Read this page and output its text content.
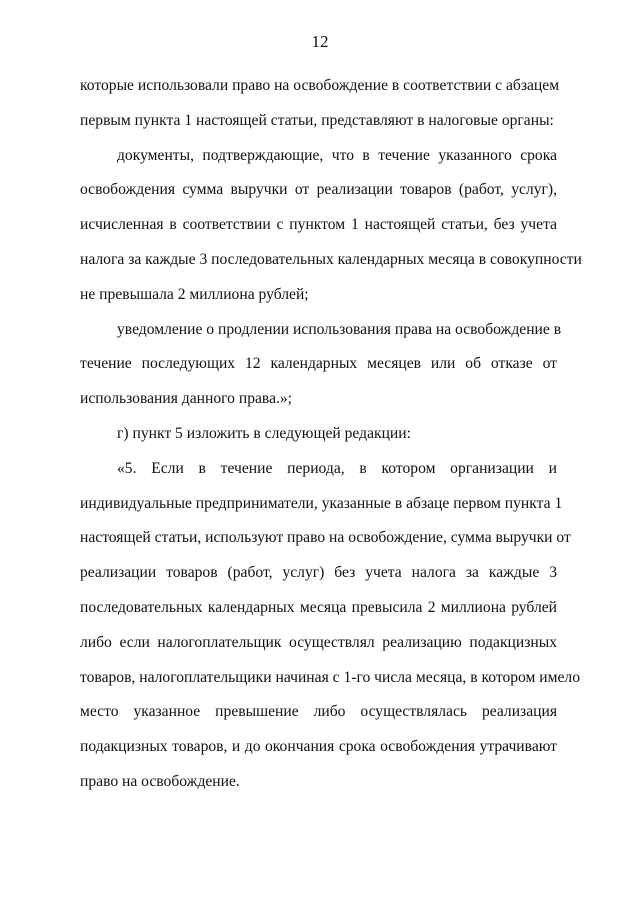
12

которые использовали право на освобождение в соответствии с абзацем
первым пункта 1 настоящей статьи, представляют в налоговые органы:

документы, подтверждающие, что в течение указанного срока
освобождения сумма выручки от реализации товаров (работ, услуг),
исчисленная в соответствии с пунктом 1 настоящей статьи, без учета
налога за каждые 3 последовательных календарных месяца в совокупности
не превышала 2 миллиона рублей;

уведомление о продлении использования права на освобождение в
течение последующих 12 календарных месяцев или об отказе от
использования данного права.»;

г) пункт 5 изложить в следующей редакции:

«5. Если в течение периода, в котором организации и
индивидуальные предприниматели, указанные в абзаце первом пункта 1
настоящей статьи, используют право на освобождение, сумма выручки от
реализации товаров (работ, услуг) без учета налога за каждые 3
последовательных календарных месяца превысила 2 миллиона рублей
либо если налогоплательщик осуществлял реализацию подакцизных
товаров, налогоплательщики начиная с 1-го числа месяца, в котором имело
место указанное превышение либо осуществлялась реализация
подакцизных товаров, и до окончания срока освобождения утрачивают
право на освобождение.
